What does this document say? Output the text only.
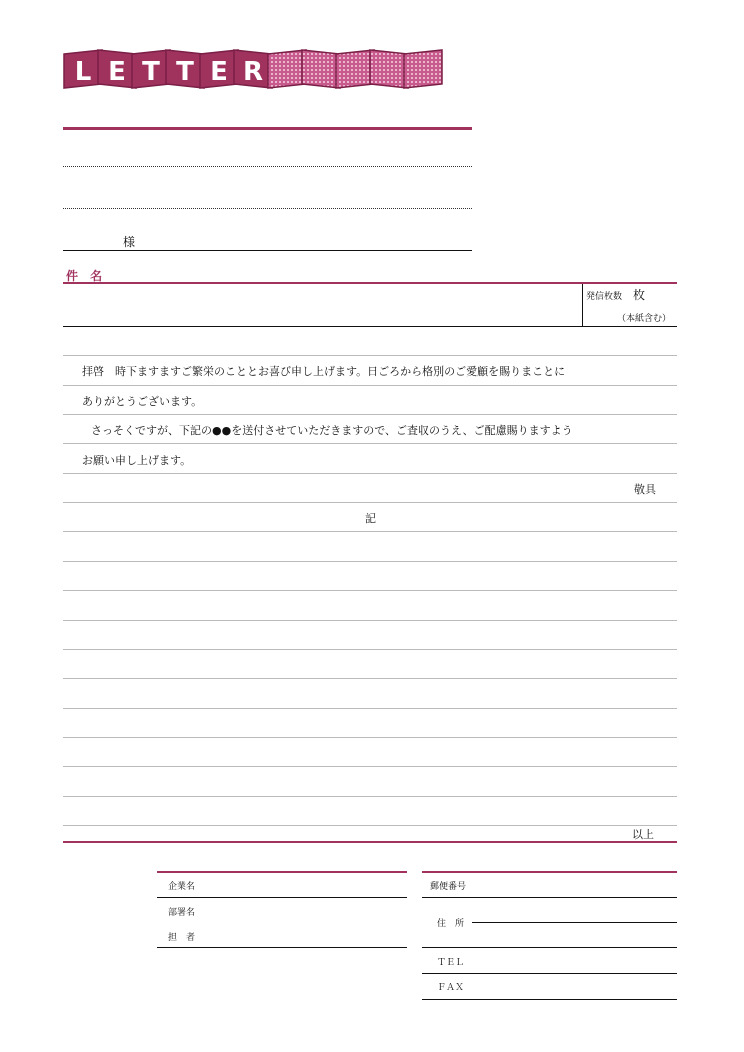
L E T T E R
様
件 名
発信枚数 枚
（本紙含む）
拝啓　時下ますますご繁栄のこととお喜び申し上げます。日ごろから格別のご愛顧を賜りまことに
ありがとうございます。
　さっそくですが、下記の●●を送付させていただきますので、ご査収のうえ、ご配慮賜りますよう
お願い申し上げます。
敬具
記
以上
企業名
部署名
担　者
郵便番号
住　所
ＴＥＬ
ＦＡＸ
